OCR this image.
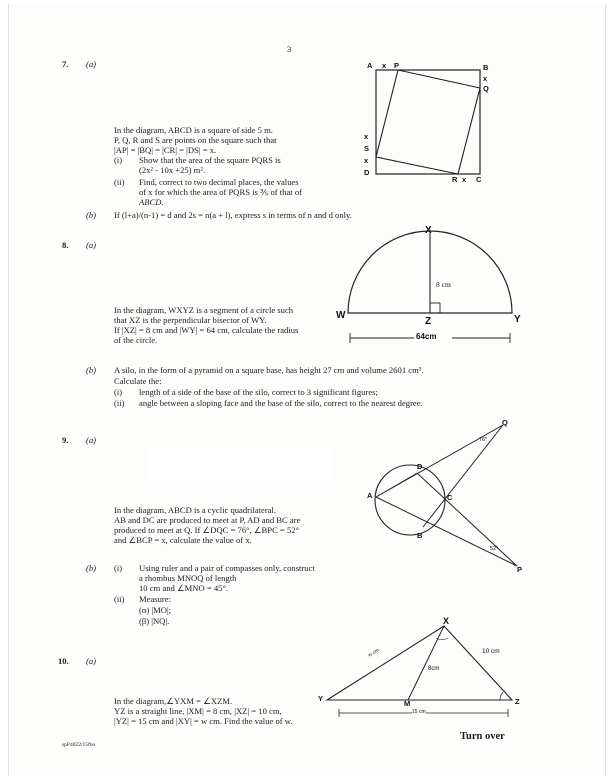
3

7. (a)

In the diagram, ABCD is a square of side 5 m.

P, Q, R and S are points on the square such that

|AP| = |BQ| = |CR| = |DS| = x.

(i) Show that the area of the square PQRS is

(2x² - 10x +25) m².

(ii) Find, correct to two decimal places, the values

of x for which the area of PQRS is ⅗ of that of

ABCD.

(b) If (l+a)/(n-1) = d and 2s = n(a + l), express s in terms of n and d only.

A x P	B
x
Q
S
x
D
R x C
x

8. (a)

In the diagram, WXYZ is a segment of a circle such

that XZ is the perpendicular bisector of WY.

If |XZ| = 8 cm and |WY| = 64 cm, calculate the radius

of the circle.

X
W	Y
Z
8 cm
64cm

(b) A silo, in the form of a pyramid on a square base, has height 27 cm and volume 2601 cm³.

Calculate the:

(i) length of a side of the base of the silo, correct to 3 significant figures;

(ii) angle between a sloping face and the base of the silo, correct to the nearest degree.

9. (a)

In the diagram, ABCD is a cyclic quadrilateral.

AB and DC are produced to meet at P, AD and BC are

produced to meet at Q. If ∠DQC = 76°, ∠BPC = 52°

and ∠BCP = x, calculate the value of x.

Q
D
A	C
B
P
76°
52°

(b) (i) Using ruler and a pair of compasses only, construct

a rhombus MNOQ of length

10 cm and ∠MNO = 45°.

(ii) Measure:

(α) |MO|;

(β) |NQ|.

10. (a)

In the diagram,∠YXM = ∠XZM.

YZ is a straight line, |XM| = 8 cm, |XZ| = 10 cm,

|YZ| = 15 cm and |XY| = w cm. Find the value of w.

X
Y
M	Z
w cm
8cm
10 cm
15 cm

spP4022/15fbo

Turn over
